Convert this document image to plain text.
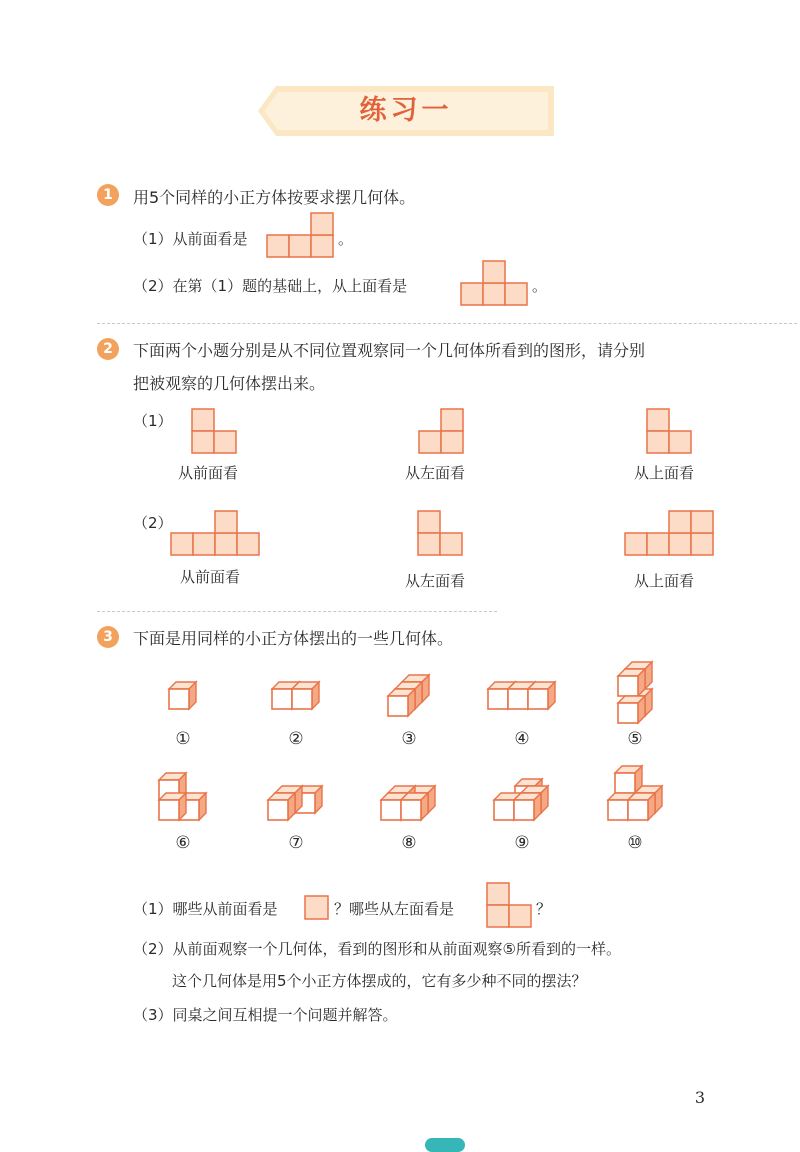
练习一
1	用5个同样的小正方体按要求摆几何体。
（1）从前面看是	。
（2）在第（1）题的基础上，从上面看是	。
2	下面两个小题分别是从不同位置观察同一个几何体所看到的图形，请分别
把被观察的几何体摆出来。
（1）
从前面看	从左面看	从上面看
（2）
从前面看	从左面看	从上面看
3	下面是用同样的小正方体摆出的一些几何体。
①	②	③	④	⑤
⑥	⑦	⑧	⑨	⑩
（1）哪些从前面看是	？哪些从左面看是	？
（2）从前面观察一个几何体，看到的图形和从前面观察⑤所看到的一样。
这个几何体是用5个小正方体摆成的，它有多少种不同的摆法？
（3）同桌之间互相提一个问题并解答。
3
